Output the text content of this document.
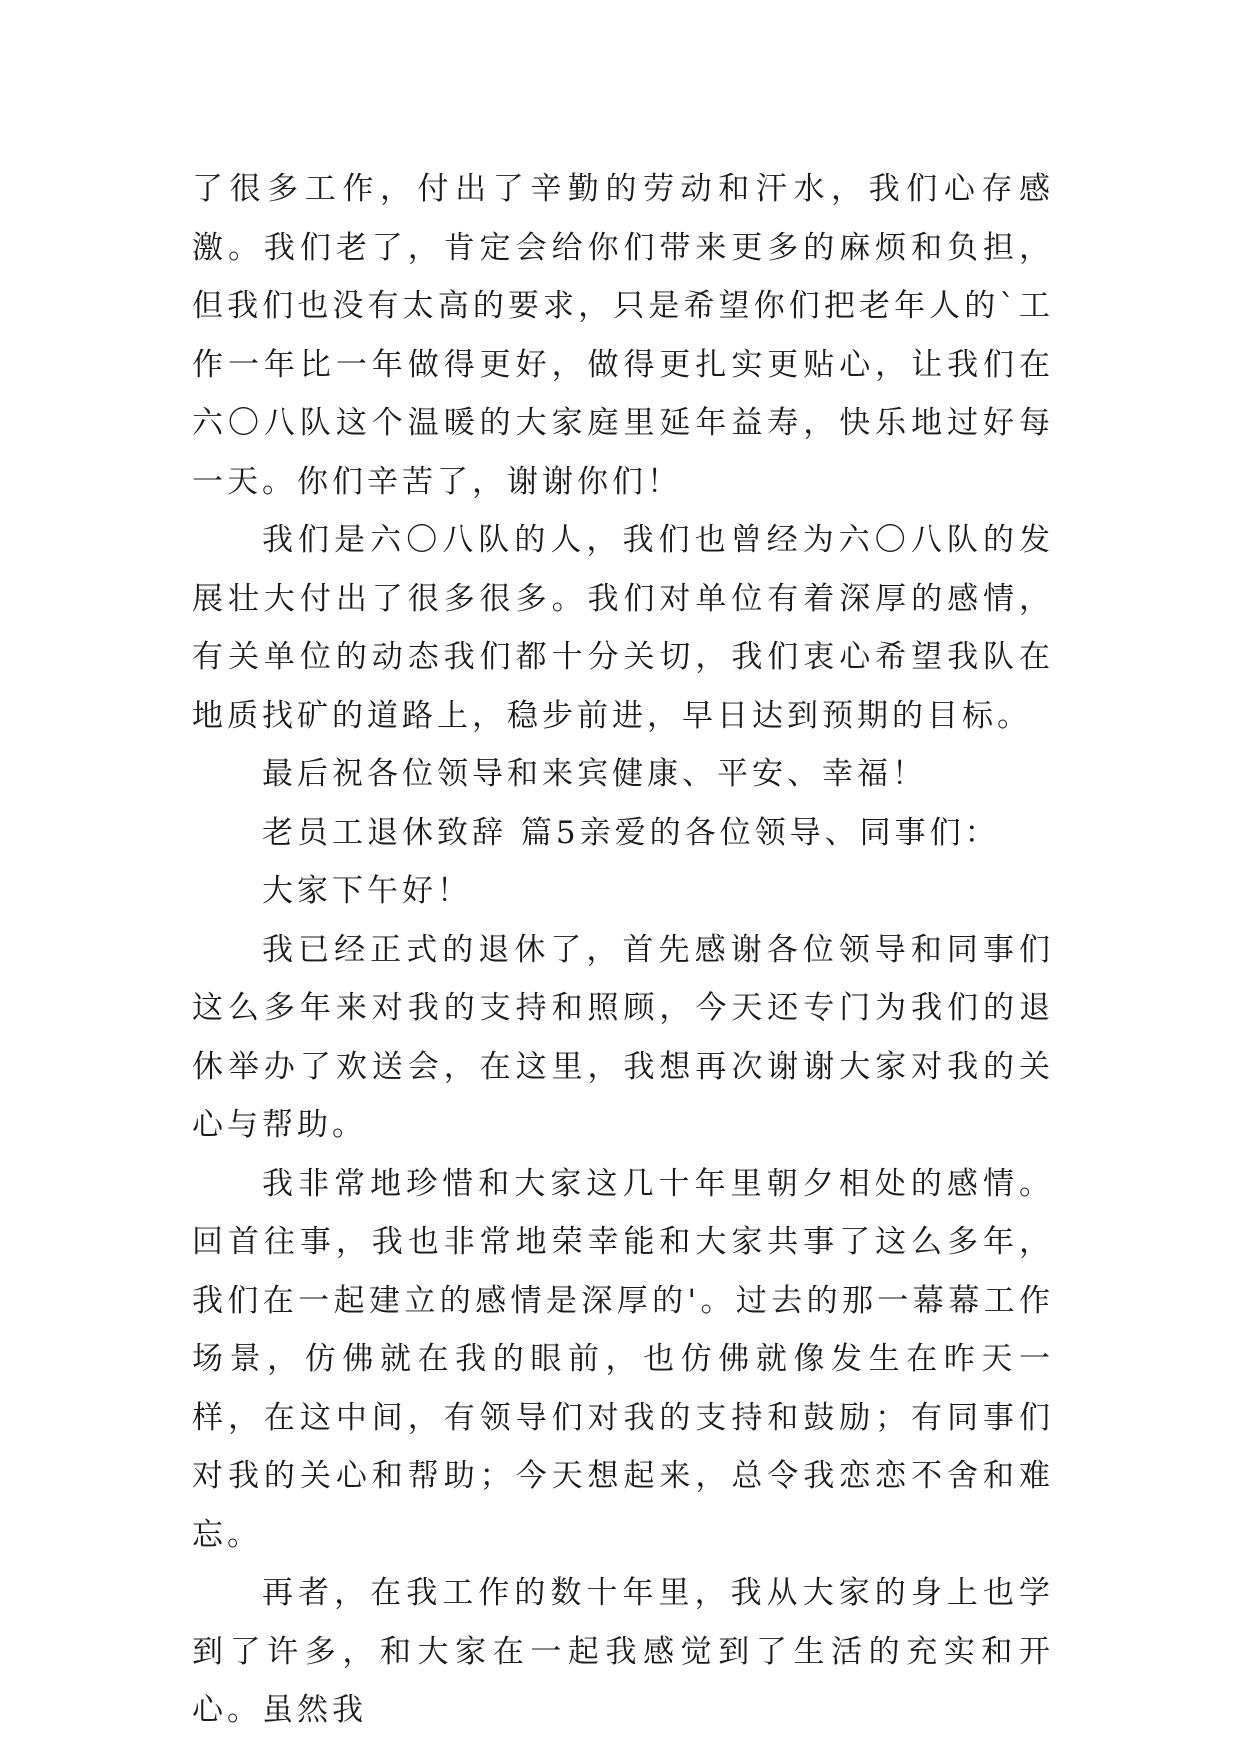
了很多工作，付出了辛勤的劳动和汗水，我们心存感激。我们老了，肯定会给你们带来更多的麻烦和负担，但我们也没有太高的要求，只是希望你们把老年人的`工作一年比一年做得更好，做得更扎实更贴心，让我们在六〇八队这个温暖的大家庭里延年益寿，快乐地过好每一天。你们辛苦了，谢谢你们！

我们是六〇八队的人，我们也曾经为六〇八队的发展壮大付出了很多很多。我们对单位有着深厚的感情，有关单位的动态我们都十分关切，我们衷心希望我队在地质找矿的道路上，稳步前进，早日达到预期的目标。

最后祝各位领导和来宾健康、平安、幸福！

老员工退休致辞 篇5亲爱的各位领导、同事们：

大家下午好！

我已经正式的退休了，首先感谢各位领导和同事们这么多年来对我的支持和照顾，今天还专门为我们的退休举办了欢送会，在这里，我想再次谢谢大家对我的关心与帮助。

我非常地珍惜和大家这几十年里朝夕相处的感情。回首往事，我也非常地荣幸能和大家共事了这么多年，我们在一起建立的感情是深厚的'。过去的那一幕幕工作场景，仿佛就在我的眼前，也仿佛就像发生在昨天一样，在这中间，有领导们对我的支持和鼓励；有同事们对我的关心和帮助；今天想起来，总令我恋恋不舍和难忘。

再者，在我工作的数十年里，我从大家的身上也学到了许多，和大家在一起我感觉到了生活的充实和开心。虽然我
